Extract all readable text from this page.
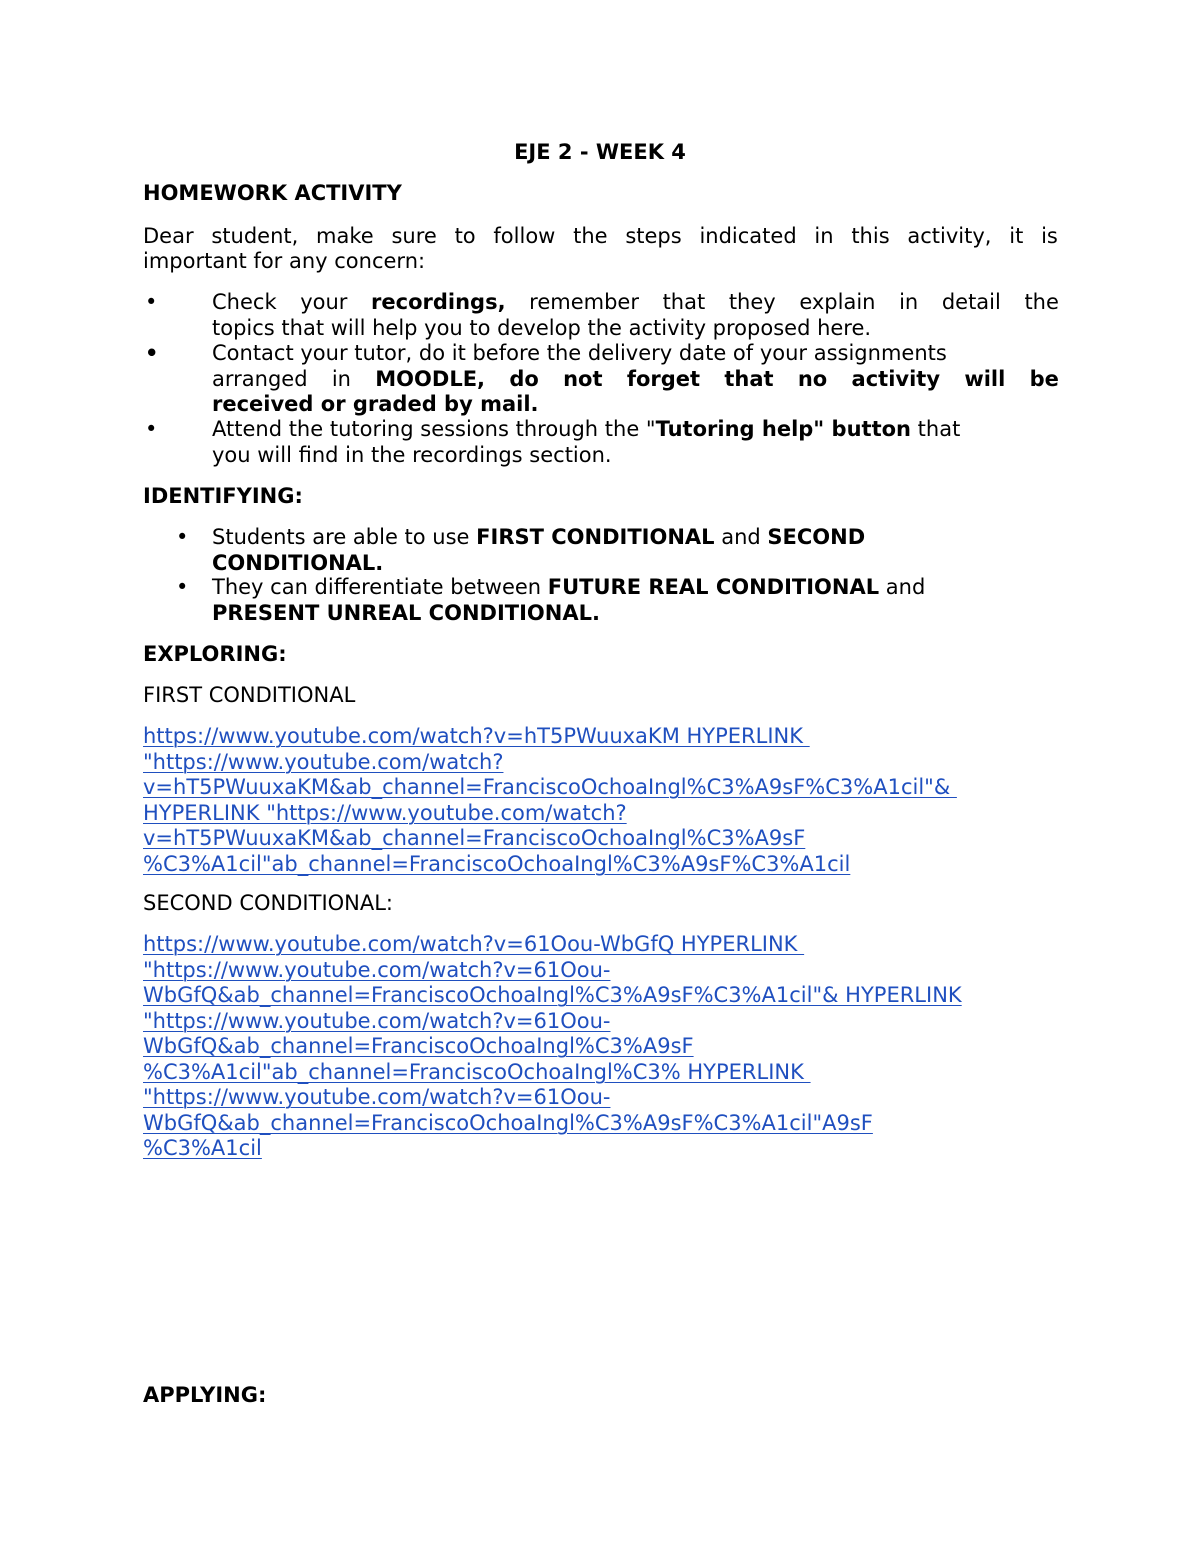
EJE 2 - WEEK 4
HOMEWORK ACTIVITY
Dear student, make sure to follow the steps indicated in this activity, it is
important for any concern:
•	Check your recordings, remember that they explain in detail the
topics that will help you to develop the activity proposed here.
•	Contact your tutor, do it before the delivery date of your assignments
arranged in MOODLE, do not forget that no activity will be
received or graded by mail.
•	Attend the tutoring sessions through the "Tutoring help" button that
you will find in the recordings section.
IDENTIFYING:
• Students are able to use FIRST CONDITIONAL and SECOND
CONDITIONAL.
• They can differentiate between FUTURE REAL CONDITIONAL and
PRESENT UNREAL CONDITIONAL.
EXPLORING:
FIRST CONDITIONAL
https://www.youtube.com/watch?v=hT5PWuuxaKM HYPERLINK
"https://www.youtube.com/watch?
v=hT5PWuuxaKM&ab_channel=FranciscoOchoaIngl%C3%A9sF%C3%A1cil"&
HYPERLINK "https://www.youtube.com/watch?
v=hT5PWuuxaKM&ab_channel=FranciscoOchoaIngl%C3%A9sF
%C3%A1cil"ab_channel=FranciscoOchoaIngl%C3%A9sF%C3%A1cil
SECOND CONDITIONAL:
https://www.youtube.com/watch?v=61Oou-WbGfQ HYPERLINK
"https://www.youtube.com/watch?v=61Oou-
WbGfQ&ab_channel=FranciscoOchoaIngl%C3%A9sF%C3%A1cil"& HYPERLINK
"https://www.youtube.com/watch?v=61Oou-
WbGfQ&ab_channel=FranciscoOchoaIngl%C3%A9sF
%C3%A1cil"ab_channel=FranciscoOchoaIngl%C3% HYPERLINK
"https://www.youtube.com/watch?v=61Oou-
WbGfQ&ab_channel=FranciscoOchoaIngl%C3%A9sF%C3%A1cil"A9sF
%C3%A1cil
APPLYING:
